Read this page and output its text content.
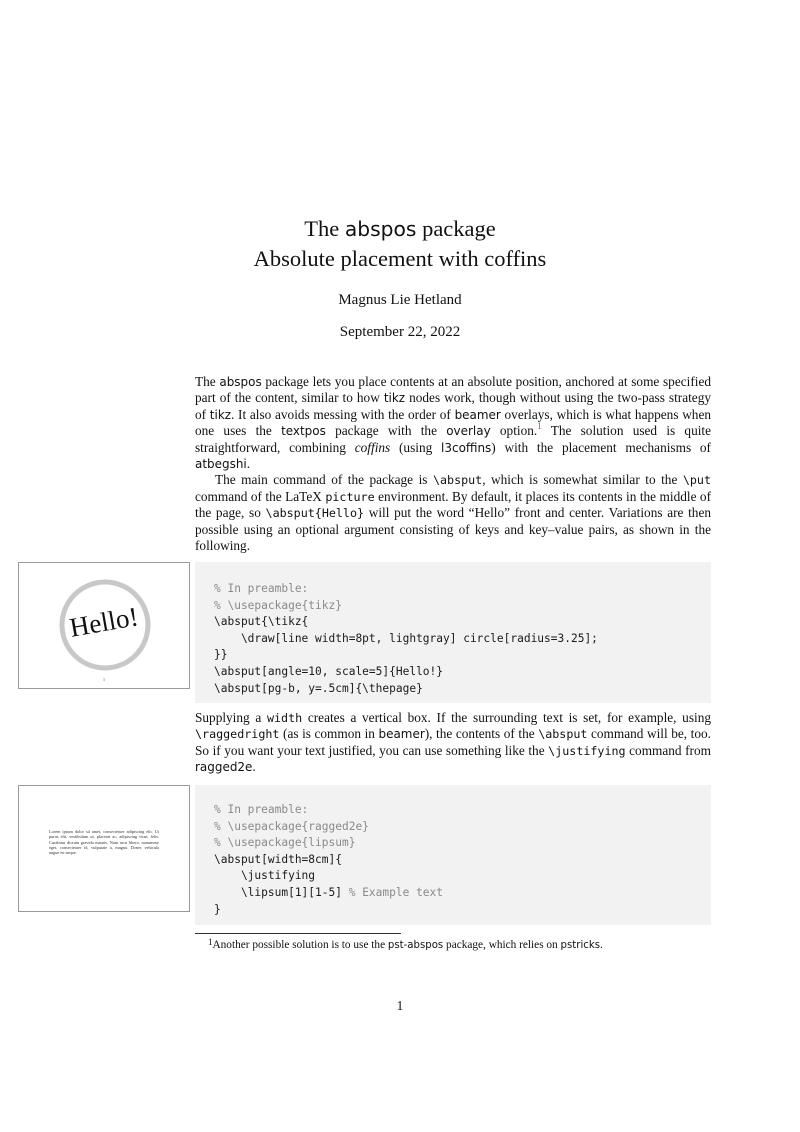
The abspos package
Absolute placement with coffins
Magnus Lie Hetland
September 22, 2022

The abspos package lets you place contents at an absolute position, anchored at some specified part of the content, similar to how tikz nodes work, though without using the two-pass strategy of tikz. It also avoids messing with the order of beamer overlays, which is what happens when one uses the textpos package with the overlay option.$^1$ The solution used is quite straightforward, combining coffins (using l3coffins) with the placement mechanisms of atbegshi.

The main command of the package is \absput, which is somewhat similar to the \put command of the LaTeX picture environment. By default, it places its contents in the middle of the page, so \absput{Hello} will put the word “Hello” front and center. Variations are then possible using an optional argument consisting of keys and key–value pairs, as shown in the following.

Hello!
1
% In preamble:
% \usepackage{tikz}
\absput{\tikz{
\draw[line width=8pt, lightgray] circle[radius=3.25];
}}
\absput[angle=10, scale=5]{Hello!}
\absput[pg-b, y=.5cm]{\thepage}

Supplying a width creates a vertical box. If the surrounding text is set, for example, using \raggedright (as is common in beamer), the contents of the \absput command will be, too. So if you want your text justified, you can use something like the \justifying command from ragged2e.

Lorem ipsum dolor sit amet, consectetuer adipiscing elit. Ut purus elit, vestibulum ut, placerat ac, adipiscing vitae, felis. Curabitur dictum gravida mauris. Nam arcu libero, nonummy eget, consectetuer id, vulputate a, magna. Donec vehicula augue eu neque.
% In preamble:
% \usepackage{ragged2e}
% \usepackage{lipsum}
\absput[width=8cm]{
\justifying
\lipsum[1][1-5] % Example text
}

$^1$Another possible solution is to use the pst-abspos package, which relies on pstricks.
1
